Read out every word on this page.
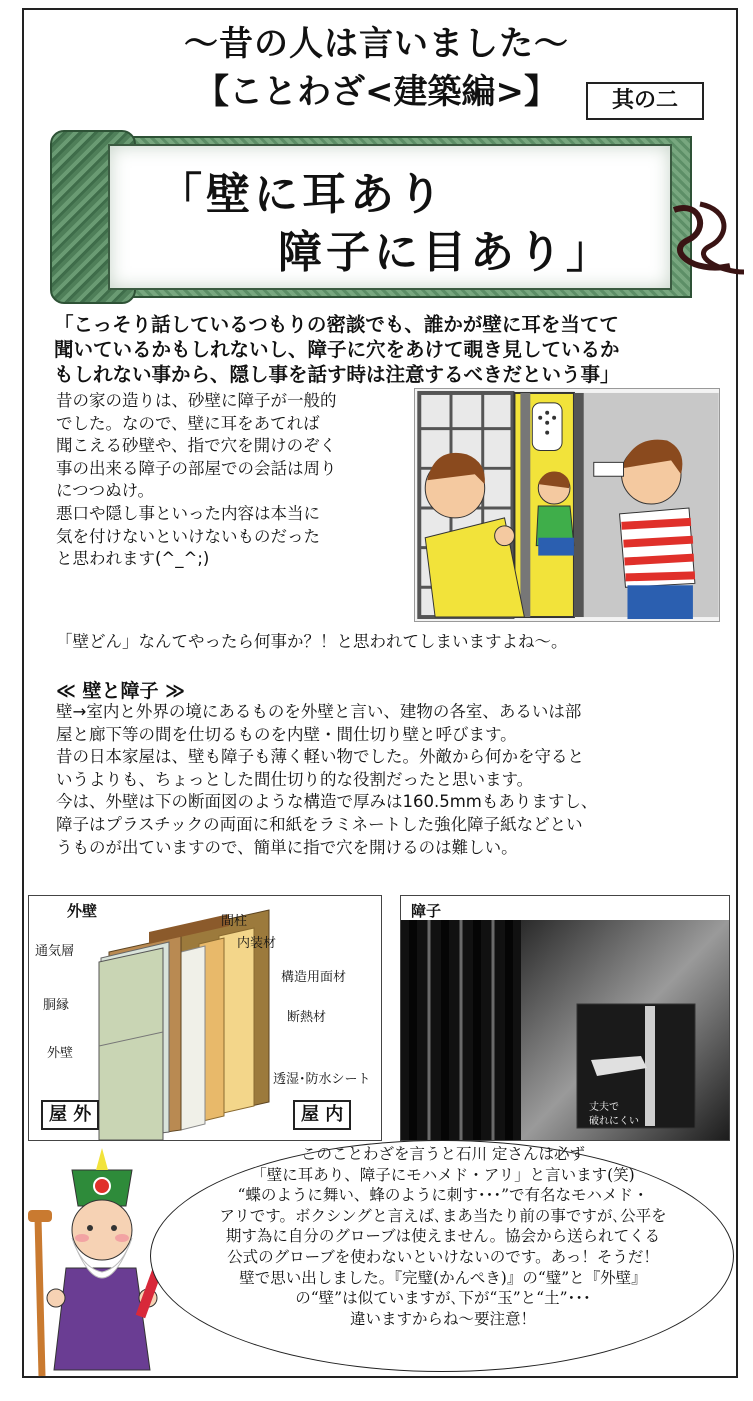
〜昔の人は言いました〜
【ことわざ<建築編>】	其の二
「壁に耳あり
障子に目あり」
「こっそり話しているつもりの密談でも、誰かが壁に耳を当てて
聞いているかもしれないし、障子に穴をあけて覗き見しているか
もしれない事から、隠し事を話す時は注意するべきだという事」
昔の家の造りは、砂壁に障子が一般的
でした。なので、壁に耳をあてれば
聞こえる砂壁や、指で穴を開けのぞく
事の出来る障子の部屋での会話は周り
につつぬけ。
悪口や隠し事といった内容は本当に
気を付けないといけないものだった
と思われます(^_^;)
「壁どん」なんてやったら何事か？！と思われてしまいますよね〜。
≪ 壁と障子 ≫
壁→室内と外界の境にあるものを外壁と言い、建物の各室、あるいは部
屋と廊下等の間を仕切るものを内壁・間仕切り壁と呼びます。
昔の日本家屋は、壁も障子も薄く軽い物でした。外敵から何かを守ると
いうよりも、ちょっとした間仕切り的な役割だったと思います。
今は、外壁は下の断面図のような構造で厚みは160.5mmもありますし、
障子はプラスチックの両面に和紙をラミネートした強化障子紙などとい
うものが出ていますので、簡単に指で穴を開けるのは難しい。
外壁
間柱
内装材
通気層
構造用面材
胴縁
断熱材
外壁
透湿･防水シート
屋 外	屋 内
障子
丈夫で
破れにくい
このことわざを言うと石川 定さんは必ず
「壁に耳あり、障子にモハメド・アリ」と言います(笑)
“蝶のように舞い、蜂のように刺す･･･”で有名なモハメド・
アリです。ボクシングと言えば､まあ当たり前の事ですが､公平を
期す為に自分のグローブは使えません。協会から送られてくる
公式のグローブを使わないといけないのです。あっ！そうだ！
壁で思い出しました。『完璧(かんぺき)』の“璧”と『外壁』
の“壁”は似ていますが､下が“玉”と“土”･･･
違いますからね〜要注意！
